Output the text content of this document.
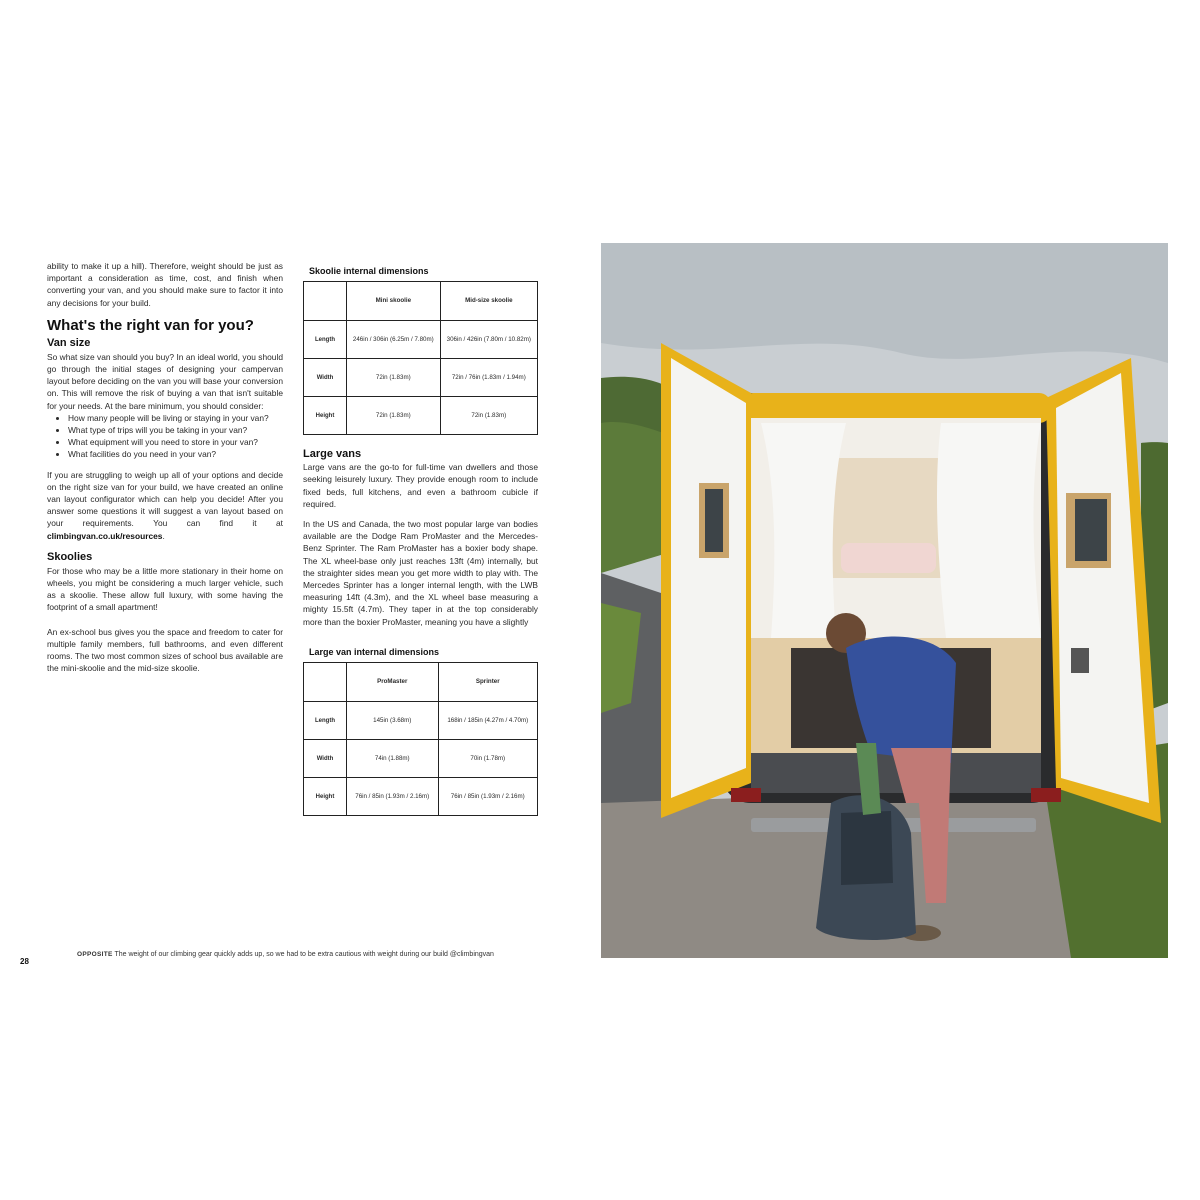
ability to make it up a hill). Therefore, weight should be just as important a consideration as time, cost, and finish when converting your van, and you should make sure to factor it into any decisions for your build.

What's the right van for you?
Van size

So what size van should you buy? In an ideal world, you should go through the initial stages of designing your campervan layout before deciding on the van you will base your conversion on. This will remove the risk of buying a van that isn't suitable for your needs. At the bare minimum, you should consider:

• How many people will be living or staying in your van?
• What type of trips will you be taking in your van?
• What equipment will you need to store in your van?
• What facilities do you need in your van?

If you are struggling to weigh up all of your options and decide on the right size van for your build, we have created an online van layout configurator which can help you decide! After you answer some questions it will suggest a van layout based on your requirements. You can find it at climbingvan.co.uk/resources.

Skoolies

For those who may be a little more stationary in their home on wheels, you might be considering a much larger vehicle, such as a skoolie. These allow full luxury, with some having the footprint of a small apartment!

An ex-school bus gives you the space and freedom to cater for multiple family members, full bathrooms, and even different rooms. The two most common sizes of school bus available are the mini-skoolie and the mid-size skoolie.

Skoolie internal dimensions
	Mini skoolie	Mid-size skoolie
Length	246in / 306in (6.25m / 7.80m)	306in / 426in (7.80m / 10.82m)
Width	72in (1.83m)	72in / 76in (1.83m / 1.94m)
Height	72in (1.83m)	72in (1.83m)
Large vans

Large vans are the go-to for full-time van dwellers and those seeking leisurely luxury. They provide enough room to include fixed beds, full kitchens, and even a bathroom cubicle if required.

In the US and Canada, the two most popular large van bodies available are the Dodge Ram ProMaster and the Mercedes-Benz Sprinter. The Ram ProMaster has a boxier body shape. The XL wheel-base only just reaches 13ft (4m) internally, but the straighter sides mean you get more width to play with. The Mercedes Sprinter has a longer internal length, with the LWB measuring 14ft (4.3m), and the XL wheel base measuring a mighty 15.5ft (4.7m). They taper in at the top considerably more than the boxier ProMaster, meaning you have a slightly

Large van internal dimensions
	ProMaster	Sprinter
Length	145in (3.68m)	168in / 185in (4.27m / 4.70m)
Width	74in (1.88m)	70in (1.78m)
Height	76in / 85in (1.93m / 2.16m)	76in / 85in (1.93m / 2.16m)
28
OPPOSITE The weight of our climbing gear quickly adds up, so we had to be extra cautious with weight during our build @climbingvan
